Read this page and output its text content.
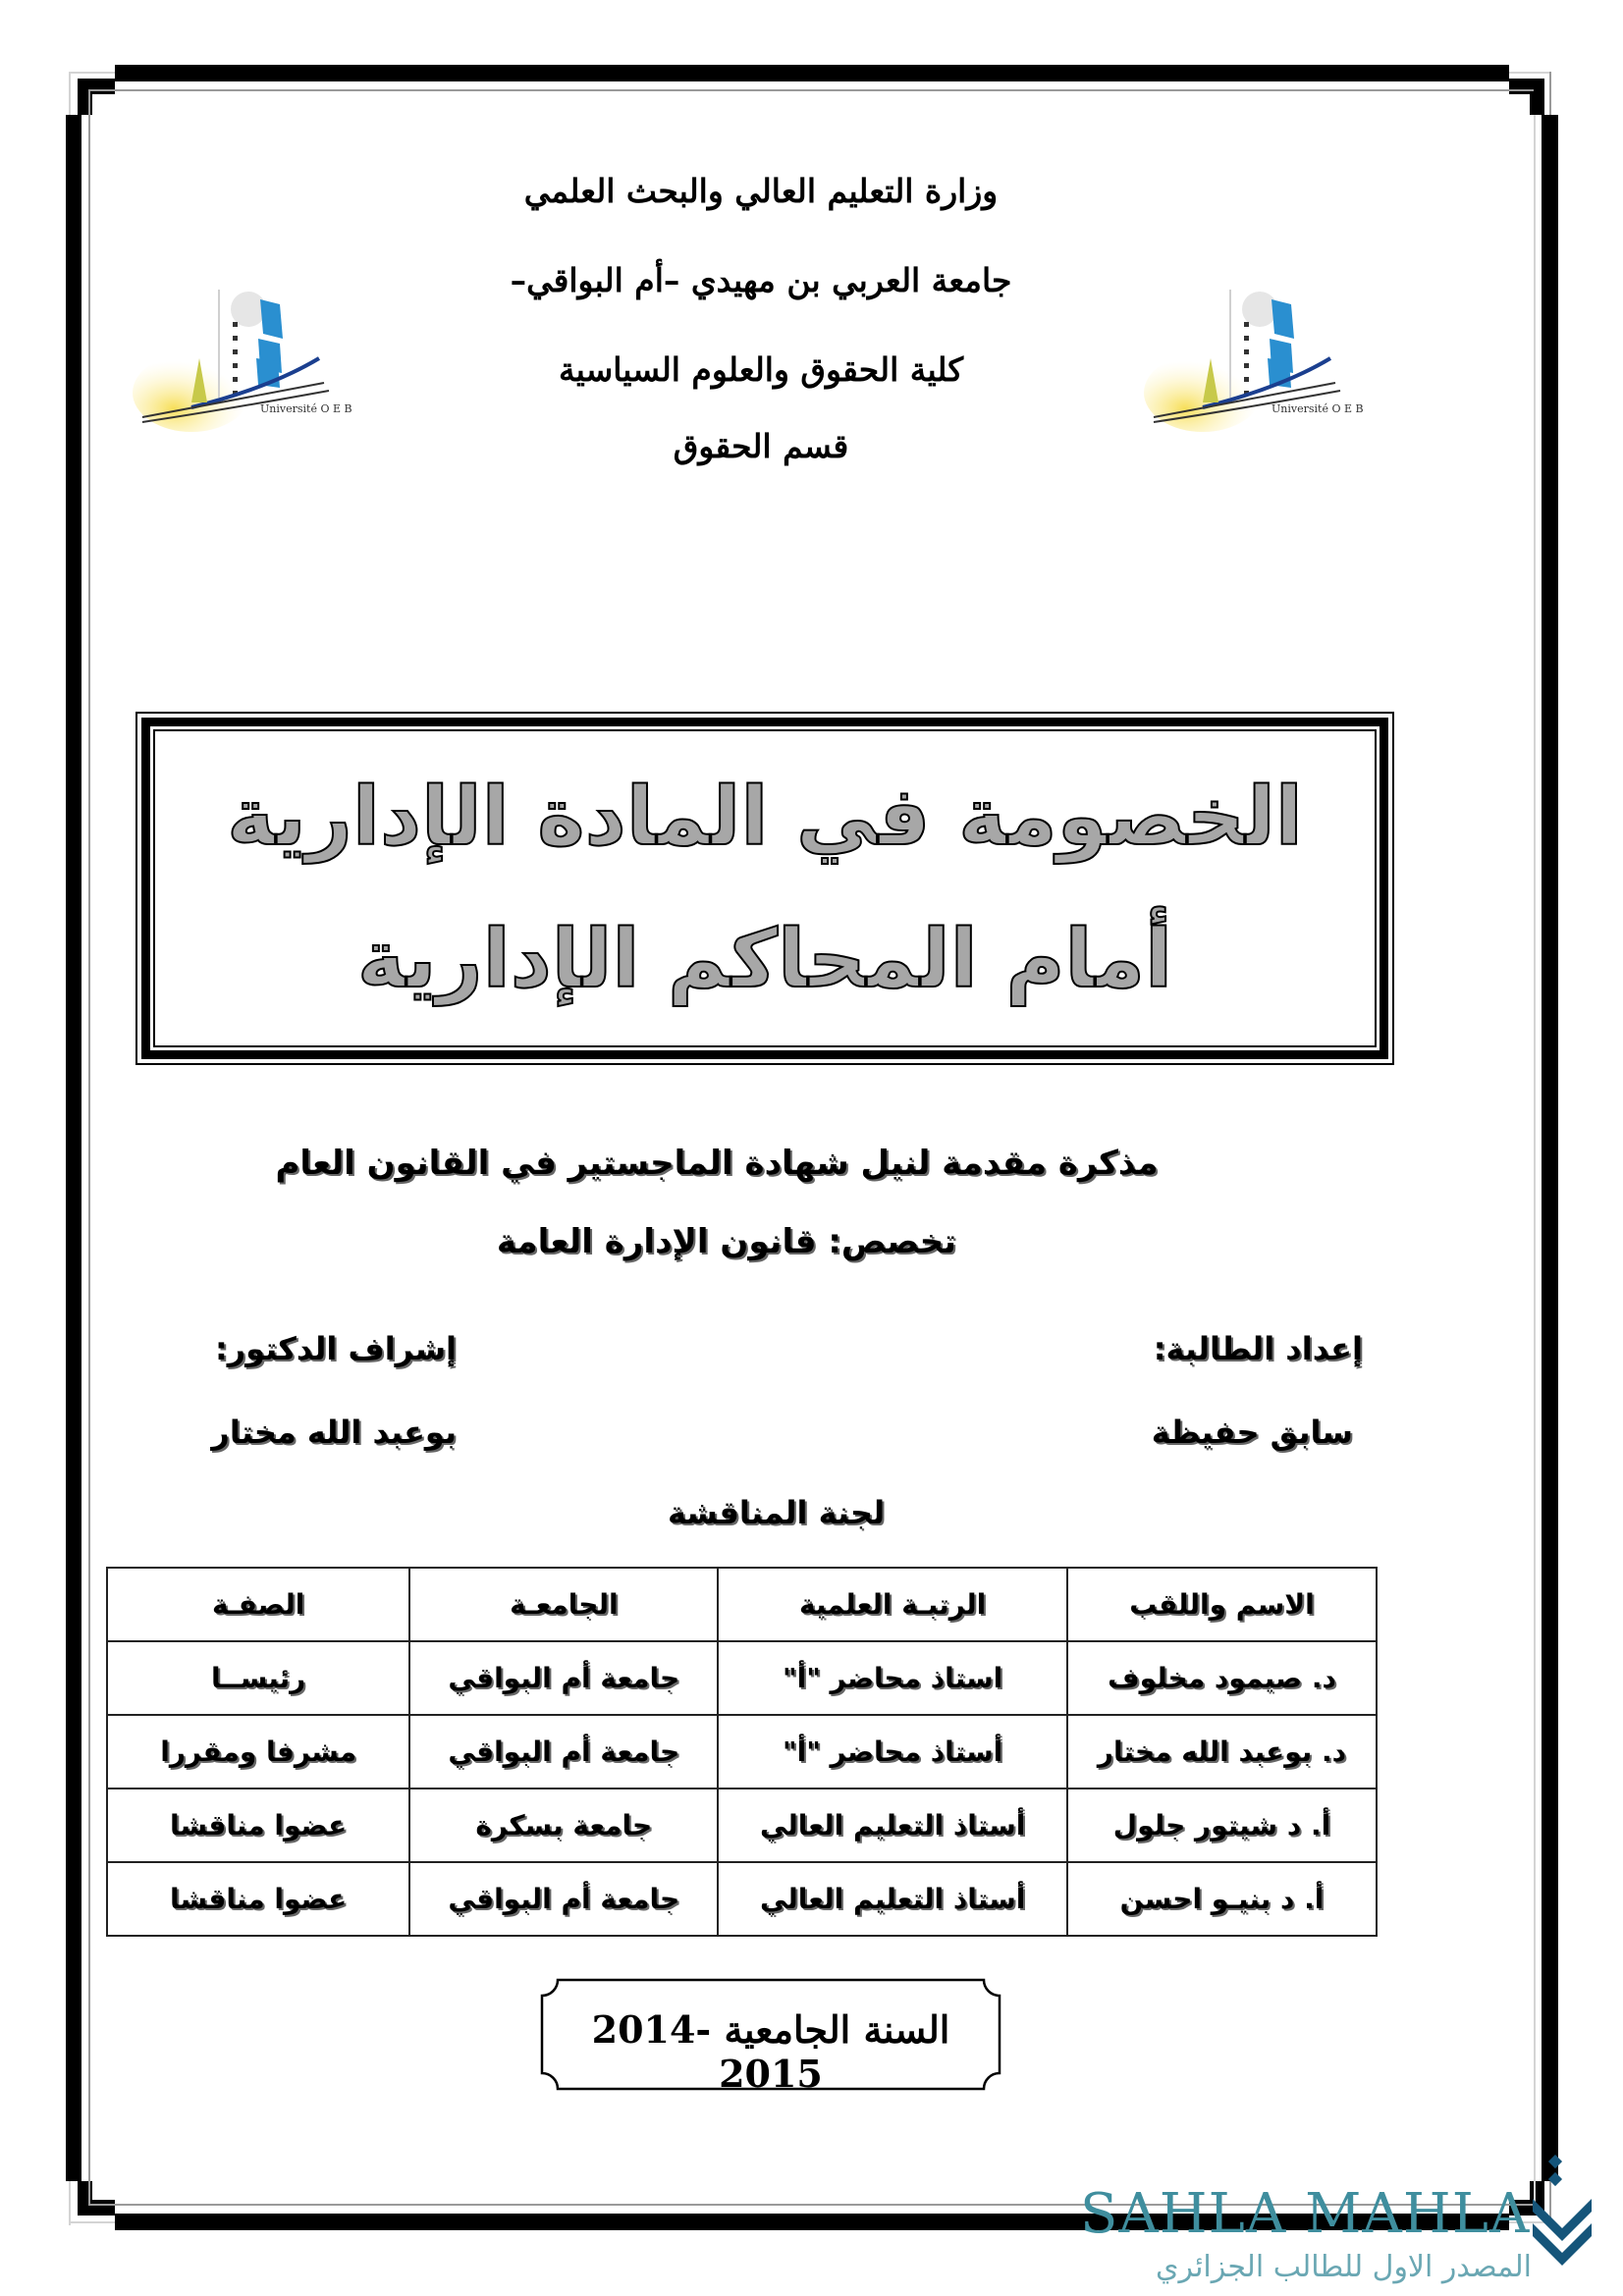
وزارة التعليم العالي والبحث العلمي
جامعة العربي بن مهيدي –أم البواقي–
كلية الحقوق والعلوم السياسية
قسم الحقوق
Université O E B	Université O E B
الخصومة في المادة الإدارية
أمام المحاكم الإدارية
مذكرة مقدمة لنيل شهادة الماجستير في القانون العام
تخصص: قانون الإدارة العامة
إعداد الطالبة:
سابق حفيظة
إشراف الدكتور:
بوعبد الله مختار
لجنة المناقشة
الاسم واللقب	الرتبـة العلمية	الجامعـة	الصفـة
د. صيمود مخلوف	استاذ محاضر "أ"	جامعة أم البواقي	رئيســا
د. بوعبد الله مختار	أستاذ محاضر "أ"	جامعة أم البواقي	مشرفا ومقررا
أ. د شيتور جلول	أستاذ التعليم العالي	جامعة بسكرة	عضوا مناقشا
أ. د بنيـو احسن	أستاذ التعليم العالي	جامعة أم البواقي	عضوا مناقشا
السنة الجامعية 2014-2015
SAHLA MAHLA
المصدر الاول للطالب الجزائري
